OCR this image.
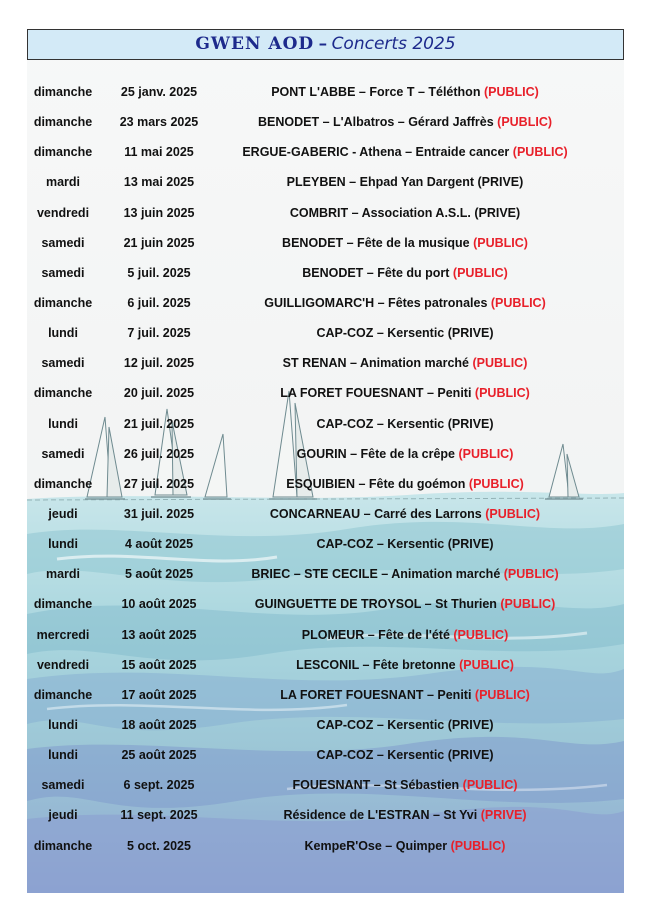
GWEN AOD – Concerts 2025
dimanche	25 janv. 2025	PONT L'ABBE – Force T – Téléthon (PUBLIC)
dimanche	23 mars 2025	BENODET – L'Albatros – Gérard Jaffrès (PUBLIC)
dimanche	11 mai 2025	ERGUE-GABERIC - Athena – Entraide cancer (PUBLIC)
mardi	13 mai 2025	PLEYBEN – Ehpad Yan Dargent (PRIVE)
vendredi	13 juin 2025	COMBRIT – Association A.S.L. (PRIVE)
samedi	21 juin 2025	BENODET – Fête de la musique (PUBLIC)
samedi	5 juil. 2025	BENODET – Fête du port (PUBLIC)
dimanche	6 juil. 2025	GUILLIGOMARC'H – Fêtes patronales (PUBLIC)
lundi	7 juil. 2025	CAP-COZ – Kersentic (PRIVE)
samedi	12 juil. 2025	ST RENAN – Animation marché (PUBLIC)
dimanche	20 juil. 2025	LA FORET FOUESNANT – Peniti (PUBLIC)
lundi	21 juil. 2025	CAP-COZ – Kersentic (PRIVE)
samedi	26 juil. 2025	GOURIN – Fête de la crêpe (PUBLIC)
dimanche	27 juil. 2025	ESQUIBIEN – Fête du goémon (PUBLIC)
jeudi	31 juil. 2025	CONCARNEAU – Carré des Larrons (PUBLIC)
lundi	4 août 2025	CAP-COZ – Kersentic (PRIVE)
mardi	5 août 2025	BRIEC – STE CECILE – Animation marché (PUBLIC)
dimanche	10 août 2025	GUINGUETTE DE TROYSOL – St Thurien (PUBLIC)
mercredi	13 août 2025	PLOMEUR – Fête de l'été (PUBLIC)
vendredi	15 août 2025	LESCONIL – Fête bretonne (PUBLIC)
dimanche	17 août 2025	LA FORET FOUESNANT – Peniti (PUBLIC)
lundi	18 août 2025	CAP-COZ – Kersentic (PRIVE)
lundi	25 août 2025	CAP-COZ – Kersentic (PRIVE)
samedi	6 sept. 2025	FOUESNANT – St Sébastien (PUBLIC)
jeudi	11 sept. 2025	Résidence de L'ESTRAN – St Yvi (PRIVE)
dimanche	5 oct. 2025	KempeR'Ose – Quimper (PUBLIC)
